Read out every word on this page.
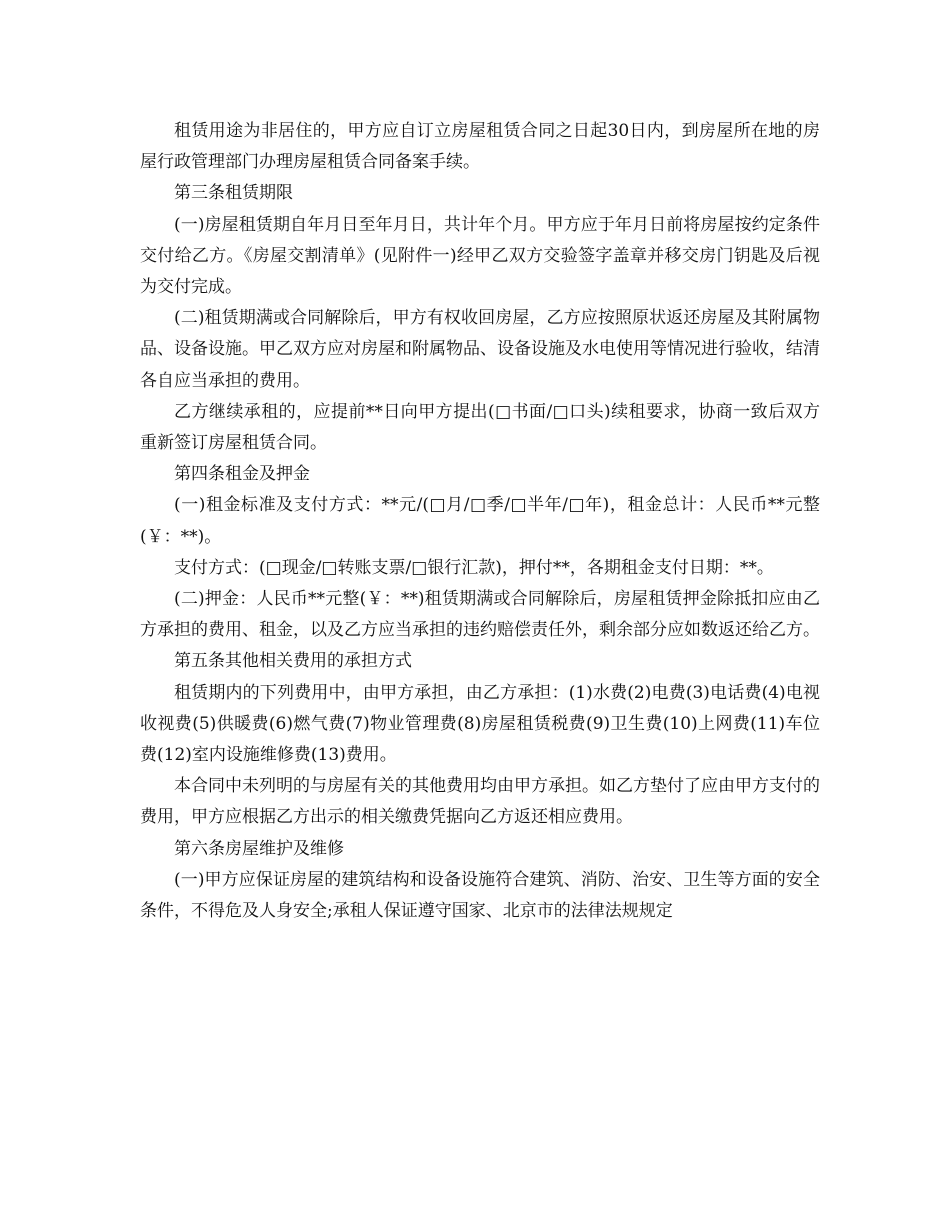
租赁用途为非居住的，甲方应自订立房屋租赁合同之日起30日内，到房屋所在地的房屋行政管理部门办理房屋租赁合同备案手续。

第三条租赁期限

(一)房屋租赁期自年月日至年月日，共计年个月。甲方应于年月日前将房屋按约定条件交付给乙方。《房屋交割清单》(见附件一)经甲乙双方交验签字盖章并移交房门钥匙及后视为交付完成。

(二)租赁期满或合同解除后，甲方有权收回房屋，乙方应按照原状返还房屋及其附属物品、设备设施。甲乙双方应对房屋和附属物品、设备设施及水电使用等情况进行验收，结清各自应当承担的费用。

乙方继续承租的，应提前**日向甲方提出(□书面/□口头)续租要求，协商一致后双方重新签订房屋租赁合同。

第四条租金及押金

(一)租金标准及支付方式：**元/(□月/□季/□半年/□年)，租金总计：人民币**元整(￥：**)。

支付方式：(□现金/□转账支票/□银行汇款)，押付**，各期租金支付日期：**。

(二)押金：人民币**元整(￥：**)租赁期满或合同解除后，房屋租赁押金除抵扣应由乙方承担的费用、租金，以及乙方应当承担的违约赔偿责任外，剩余部分应如数返还给乙方。

第五条其他相关费用的承担方式

租赁期内的下列费用中，由甲方承担，由乙方承担：(1)水费(2)电费(3)电话费(4)电视收视费(5)供暖费(6)燃气费(7)物业管理费(8)房屋租赁税费(9)卫生费(10)上网费(11)车位费(12)室内设施维修费(13)费用。

本合同中未列明的与房屋有关的其他费用均由甲方承担。如乙方垫付了应由甲方支付的费用，甲方应根据乙方出示的相关缴费凭据向乙方返还相应费用。

第六条房屋维护及维修

(一)甲方应保证房屋的建筑结构和设备设施符合建筑、消防、治安、卫生等方面的安全条件，不得危及人身安全;承租人保证遵守国家、北京市的法律法规规定
